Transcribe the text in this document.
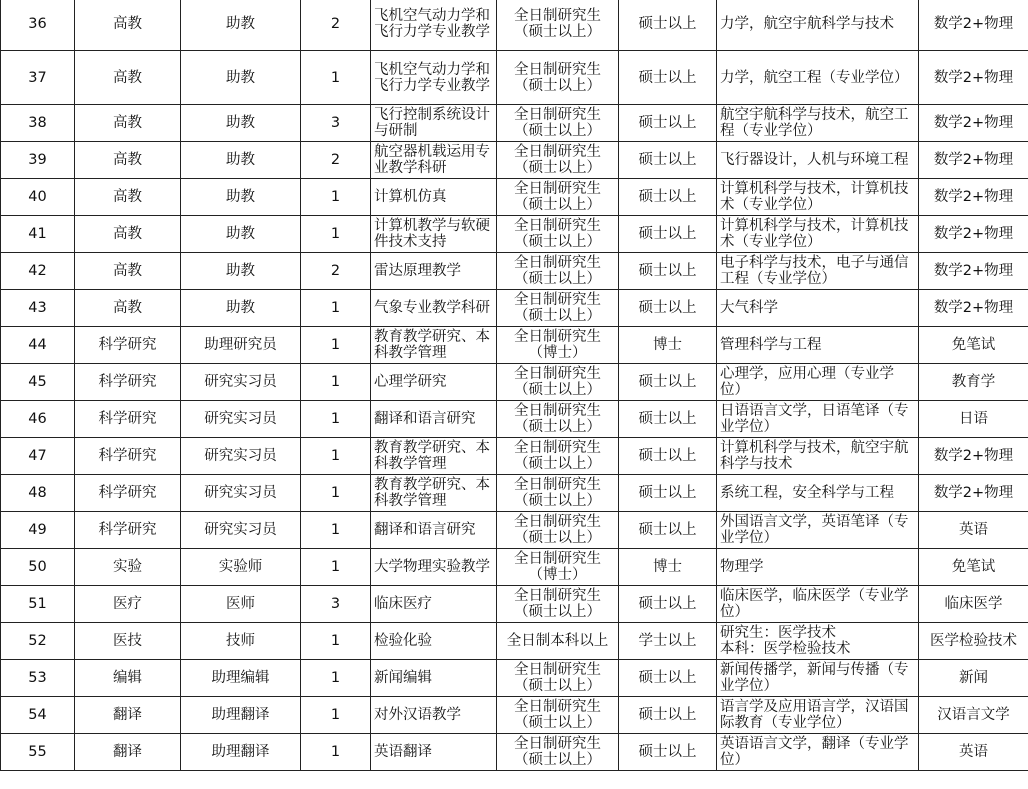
36	高教	助教	2	飞机空气动力学和飞行力学专业教学	全日制研究生
（硕士以上）	硕士以上	力学，航空宇航科学与技术	数学2+物理

37	高教	助教	1	飞机空气动力学和飞行力学专业教学	全日制研究生
（硕士以上）	硕士以上	力学，航空工程（专业学位）	数学2+物理

38	高教	助教	3	飞行控制系统设计与研制	全日制研究生
（硕士以上）	硕士以上	航空宇航科学与技术，航空工程（专业学位）	数学2+物理

39	高教	助教	2	航空器机载运用专业教学科研	全日制研究生
（硕士以上）	硕士以上	飞行器设计，人机与环境工程	数学2+物理

40	高教	助教	1	计算机仿真	全日制研究生
（硕士以上）	硕士以上	计算机科学与技术，计算机技术（专业学位）	数学2+物理

41	高教	助教	1	计算机教学与软硬件技术支持	全日制研究生
（硕士以上）	硕士以上	计算机科学与技术，计算机技术（专业学位）	数学2+物理

42	高教	助教	2	雷达原理教学	全日制研究生
（硕士以上）	硕士以上	电子科学与技术，电子与通信工程（专业学位）	数学2+物理

43	高教	助教	1	气象专业教学科研	全日制研究生
（硕士以上）	硕士以上	大气科学	数学2+物理

44	科学研究	助理研究员	1	教育教学研究、本科教学管理	全日制研究生
（博士）	博士	管理科学与工程	免笔试

45	科学研究	研究实习员	1	心理学研究	全日制研究生
（硕士以上）	硕士以上	心理学，应用心理（专业学位）	教育学

46	科学研究	研究实习员	1	翻译和语言研究	全日制研究生
（硕士以上）	硕士以上	日语语言文学，日语笔译（专业学位）	日语

47	科学研究	研究实习员	1	教育教学研究、本科教学管理	全日制研究生
（硕士以上）	硕士以上	计算机科学与技术，航空宇航科学与技术	数学2+物理

48	科学研究	研究实习员	1	教育教学研究、本科教学管理	全日制研究生
（硕士以上）	硕士以上	系统工程，安全科学与工程	数学2+物理

49	科学研究	研究实习员	1	翻译和语言研究	全日制研究生
（硕士以上）	硕士以上	外国语言文学，英语笔译（专业学位）	英语

50	实验	实验师	1	大学物理实验教学	全日制研究生
（博士）	博士	物理学	免笔试

51	医疗	医师	3	临床医疗	全日制研究生
（硕士以上）	硕士以上	临床医学，临床医学（专业学位）	临床医学

52	医技	技师	1	检验化验	全日制本科以上	学士以上	研究生：医学技术
本科：医学检验技术	医学检验技术

53	编辑	助理编辑	1	新闻编辑	全日制研究生
（硕士以上）	硕士以上	新闻传播学，新闻与传播（专业学位）	新闻

54	翻译	助理翻译	1	对外汉语教学	全日制研究生
（硕士以上）	硕士以上	语言学及应用语言学，汉语国际教育（专业学位）	汉语言文学

55	翻译	助理翻译	1	英语翻译	全日制研究生
（硕士以上）	硕士以上	英语语言文学，翻译（专业学位）	英语
